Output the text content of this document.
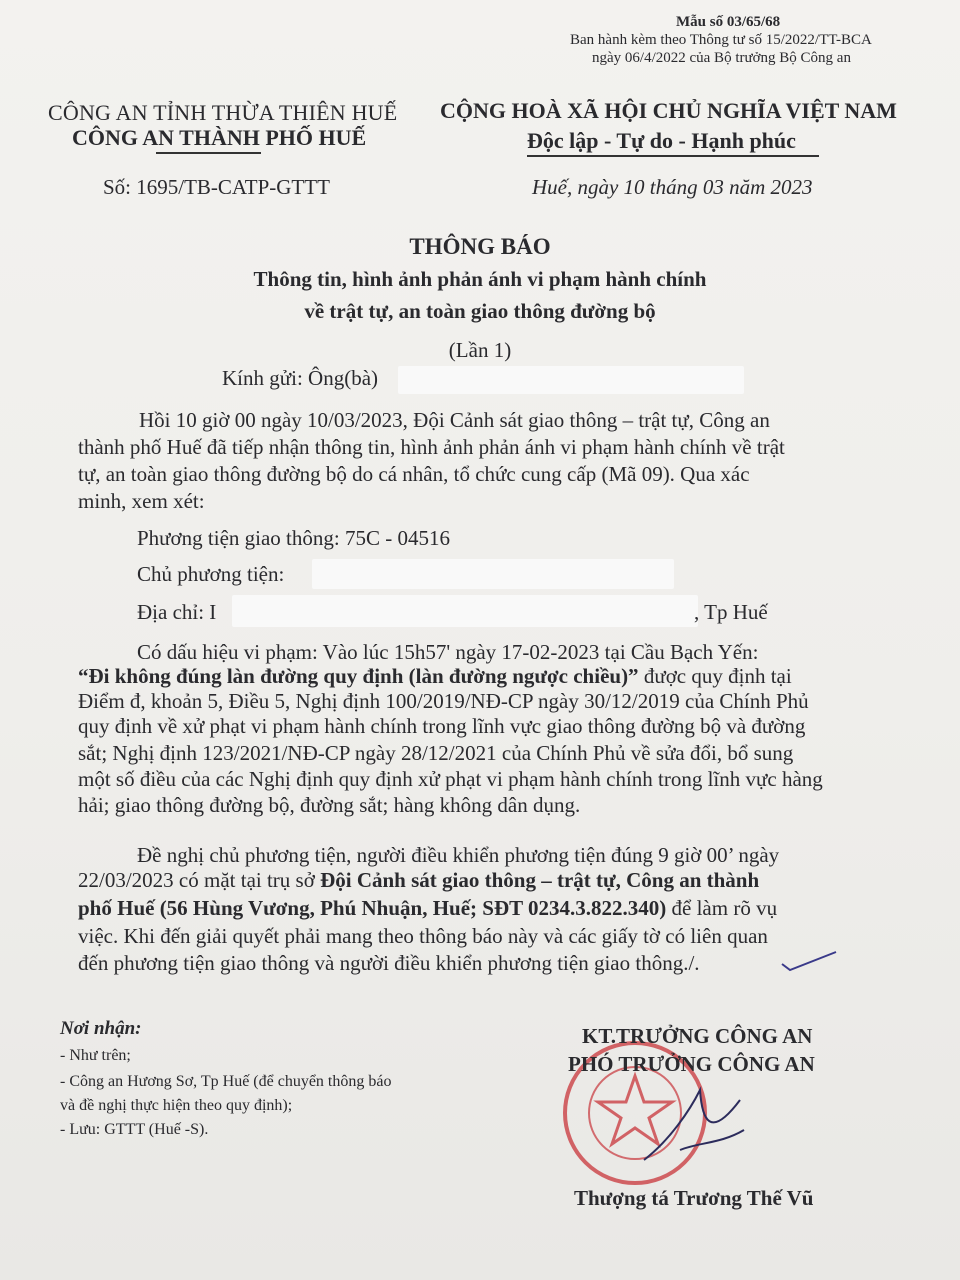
Mẫu số 03/65/68
Ban hành kèm theo Thông tư số 15/2022/TT-BCA
ngày 06/4/2022 của Bộ trưởng Bộ Công an
CÔNG AN TỈNH THỪA THIÊN HUẾ
CÔNG AN THÀNH PHỐ HUẾ
CỘNG HOÀ XÃ HỘI CHỦ NGHĨA VIỆT NAM
Độc lập - Tự do - Hạnh phúc
Số: 1695/TB-CATP-GTTT	Huế, ngày 10 tháng 03 năm 2023
THÔNG BÁO
Thông tin, hình ảnh phản ánh vi phạm hành chính
về trật tự, an toàn giao thông đường bộ
(Lần 1)
Kính gửi: Ông(bà)
Hồi 10 giờ 00 ngày 10/03/2023, Đội Cảnh sát giao thông – trật tự, Công an
thành phố Huế đã tiếp nhận thông tin, hình ảnh phản ánh vi phạm hành chính về trật
tự, an toàn giao thông đường bộ do cá nhân, tổ chức cung cấp (Mã 09). Qua xác
minh, xem xét:
Phương tiện giao thông: 75C - 04516
Chủ phương tiện:
Địa chỉ: I	, Tp Huế
Có dấu hiệu vi phạm: Vào lúc 15h57' ngày 17-02-2023 tại Cầu Bạch Yến:
“Đi không đúng làn đường quy định (làn đường ngược chiều)” được quy định tại
Điểm đ, khoản 5, Điều 5, Nghị định 100/2019/NĐ-CP ngày 30/12/2019 của Chính Phủ
quy định về xử phạt vi phạm hành chính trong lĩnh vực giao thông đường bộ và đường
sắt; Nghị định 123/2021/NĐ-CP ngày 28/12/2021 của Chính Phủ về sửa đổi, bổ sung
một số điều của các Nghị định quy định xử phạt vi phạm hành chính trong lĩnh vực hàng
hải; giao thông đường bộ, đường sắt; hàng không dân dụng.
Đề nghị chủ phương tiện, người điều khiển phương tiện đúng 9 giờ 00’ ngày
22/03/2023 có mặt tại trụ sở Đội Cảnh sát giao thông – trật tự, Công an thành
phố Huế (56 Hùng Vương, Phú Nhuận, Huế; SĐT 0234.3.822.340) để làm rõ vụ
việc. Khi đến giải quyết phải mang theo thông báo này và các giấy tờ có liên quan
đến phương tiện giao thông và người điều khiển phương tiện giao thông./.
Nơi nhận:
- Như trên;
- Công an Hương Sơ, Tp Huế (để chuyển thông báo
và đề nghị thực hiện theo quy định);
- Lưu: GTTT (Huế -S).
KT.TRƯỞNG CÔNG AN
PHÓ TRƯỞNG CÔNG AN
Thượng tá Trương Thế Vũ
